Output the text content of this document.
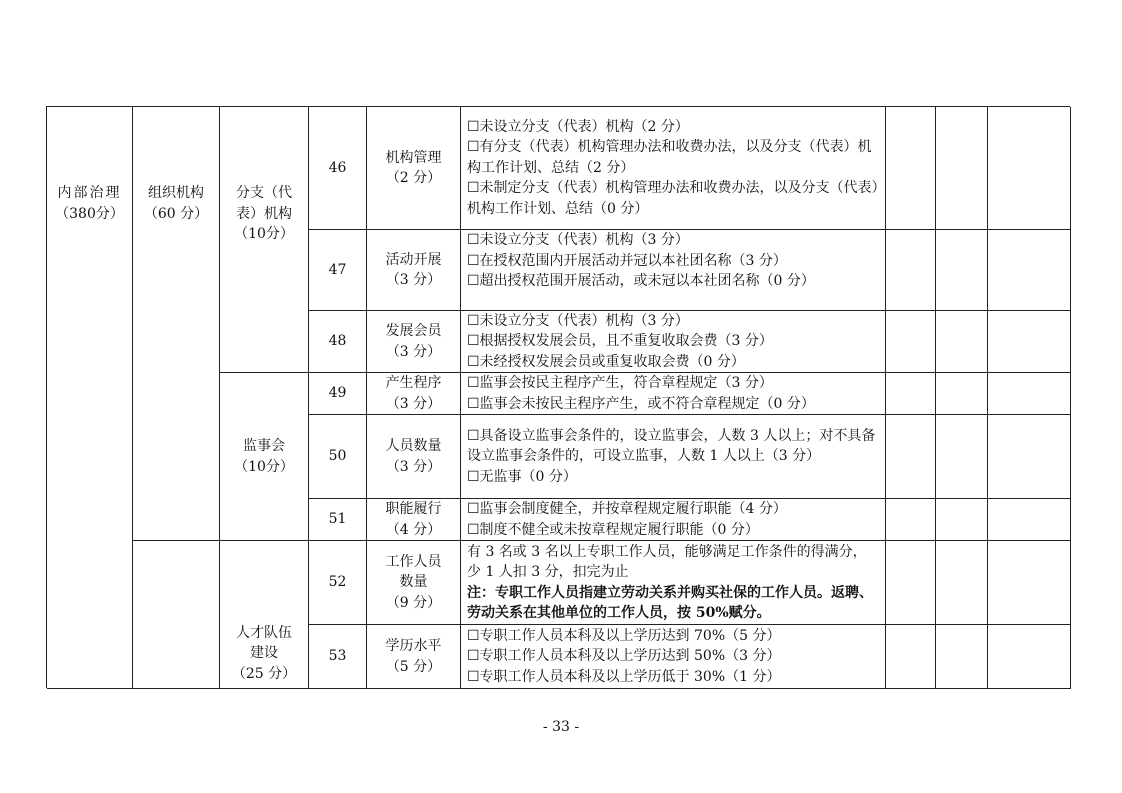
内部治理
（380分）
组织机构
（60 分）
分支（代
表）机构
（10分）
监事会
（10分）
人才队伍
建设
（25 分）
46
机构管理
（2 分）
☐未设立分支（代表）机构（2 分）
☐有分支（代表）机构管理办法和收费办法，以及分支（代表）机构工作计划、总结（2 分）
☐未制定分支（代表）机构管理办法和收费办法，以及分支（代表）机构工作计划、总结（0 分）
47
活动开展
（3 分）
☐未设立分支（代表）机构（3 分）
☐在授权范围内开展活动并冠以本社团名称（3 分）
☐超出授权范围开展活动，或未冠以本社团名称（0 分）
48
发展会员
（3 分）
☐未设立分支（代表）机构（3 分）
☐根据授权发展会员，且不重复收取会费（3 分）
☐未经授权发展会员或重复收取会费（0 分）
49
产生程序
（3 分）
☐监事会按民主程序产生，符合章程规定（3 分）
☐监事会未按民主程序产生，或不符合章程规定（0 分）
50
人员数量
（3 分）
☐具备设立监事会条件的，设立监事会，人数 3 人以上；对不具备设立监事会条件的，可设立监事，人数 1 人以上（3 分）
☐无监事（0 分）
51
职能履行
（4 分）
☐监事会制度健全，并按章程规定履行职能（4 分）
☐制度不健全或未按章程规定履行职能（0 分）
52
工作人员
数量
（9 分）
有 3 名或 3 名以上专职工作人员，能够满足工作条件的得满分，少 1 人扣 3 分，扣完为止
注：专职工作人员指建立劳动关系并购买社保的工作人员。返聘、劳动关系在其他单位的工作人员，按 50%赋分。
53
学历水平
（5 分）
☐专职工作人员本科及以上学历达到 70%（5 分）
☐专职工作人员本科及以上学历达到 50%（3 分）
☐专职工作人员本科及以上学历低于 30%（1 分）
- 33 -
